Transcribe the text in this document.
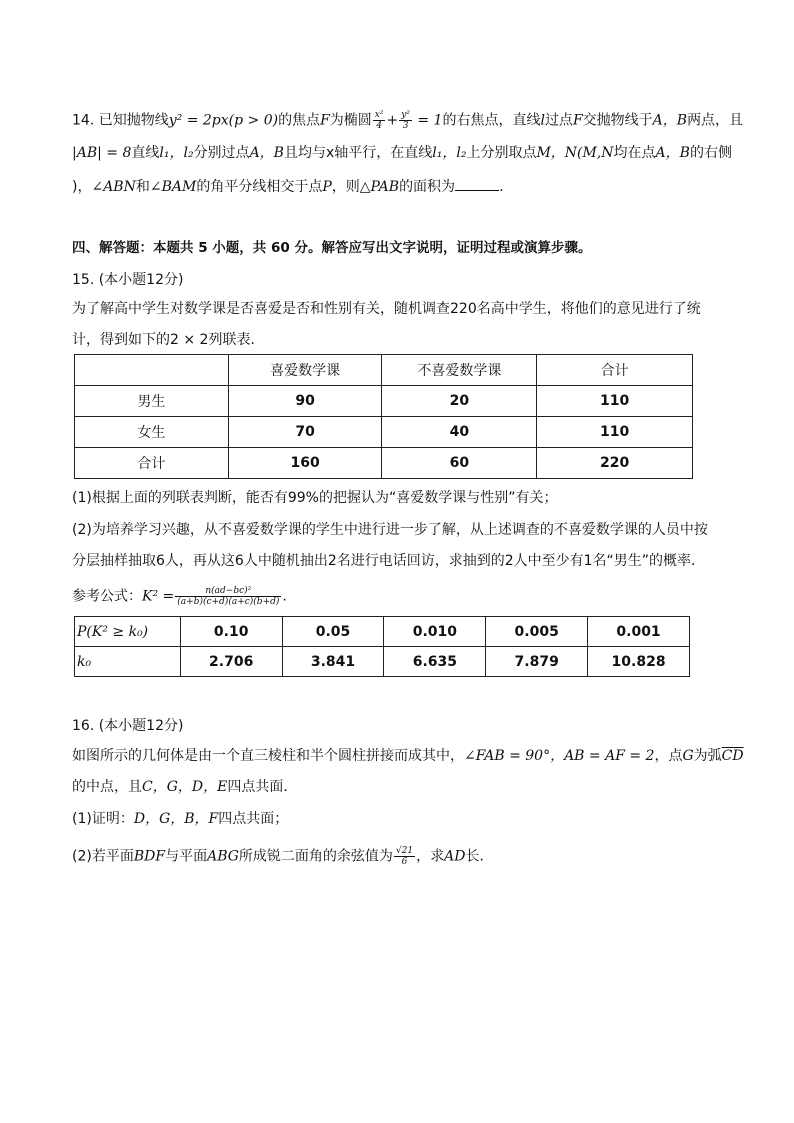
14. 已知抛物线y² = 2px(p > 0)的焦点F为椭圆 $\frac{\text{x²}}{4} + \frac{\text{y²}}{3} = 1$的右焦点，直线l过点F交抛物线于A，B两点，且
|AB| = 8直线l₁，l₂分别过点A，B且均与x轴平行，在直线l₁，l₂上分别取点M，N(M,N均在点A，B的右侧
)，∠ABN和∠BAM的角平分线相交于点P，则△PAB的面积为	.
四、解答题：本题共 5 小题，共 60 分。解答应写出文字说明，证明过程或演算步骤。
15. (本小题12分)
为了解高中学生对数学课是否喜爱是否和性别有关，随机调查220名高中学生，将他们的意见进行了统
计，得到如下的2 × 2列联表．
	喜爱数学课	不喜爱数学课	合计
男生	90	20	110
女生	70	40	110
合计	160	60	220
(1)根据上面的列联表判断，能否有99%的把握认为“喜爱数学课与性别”有关；
(2)为培养学习兴趣，从不喜爱数学课的学生中进行进一步了解，从上述调查的不喜爱数学课的人员中按
分层抽样抽取6人，再从这6人中随机抽出2名进行电话回访，求抽到的2人中至少有1名“男生”的概率．
参考公式：$K^2 = \frac{\text{n(ad−bc)²}}{(a+b)(c+d)(a+c)(b+d)}$ .
P(K² ≥ k₀)	0.10	0.05	0.010	0.005	0.001
k₀	2.706	3.841	6.635	7.879	10.828
16. (本小题12分)
如图所示的几何体是由一个直三棱柱和半个圆柱拼接而成其中，∠FAB = 90°，AB = AF = 2，点G为弧$\overline{CD}$
的中点，且C，G，D，E四点共面．
(1)证明：D，G，B，F四点共面；
(2)若平面BDF与平面ABG所成锐二面角的余弦值为 $\frac{√21}{6}$ ，求AD长．
